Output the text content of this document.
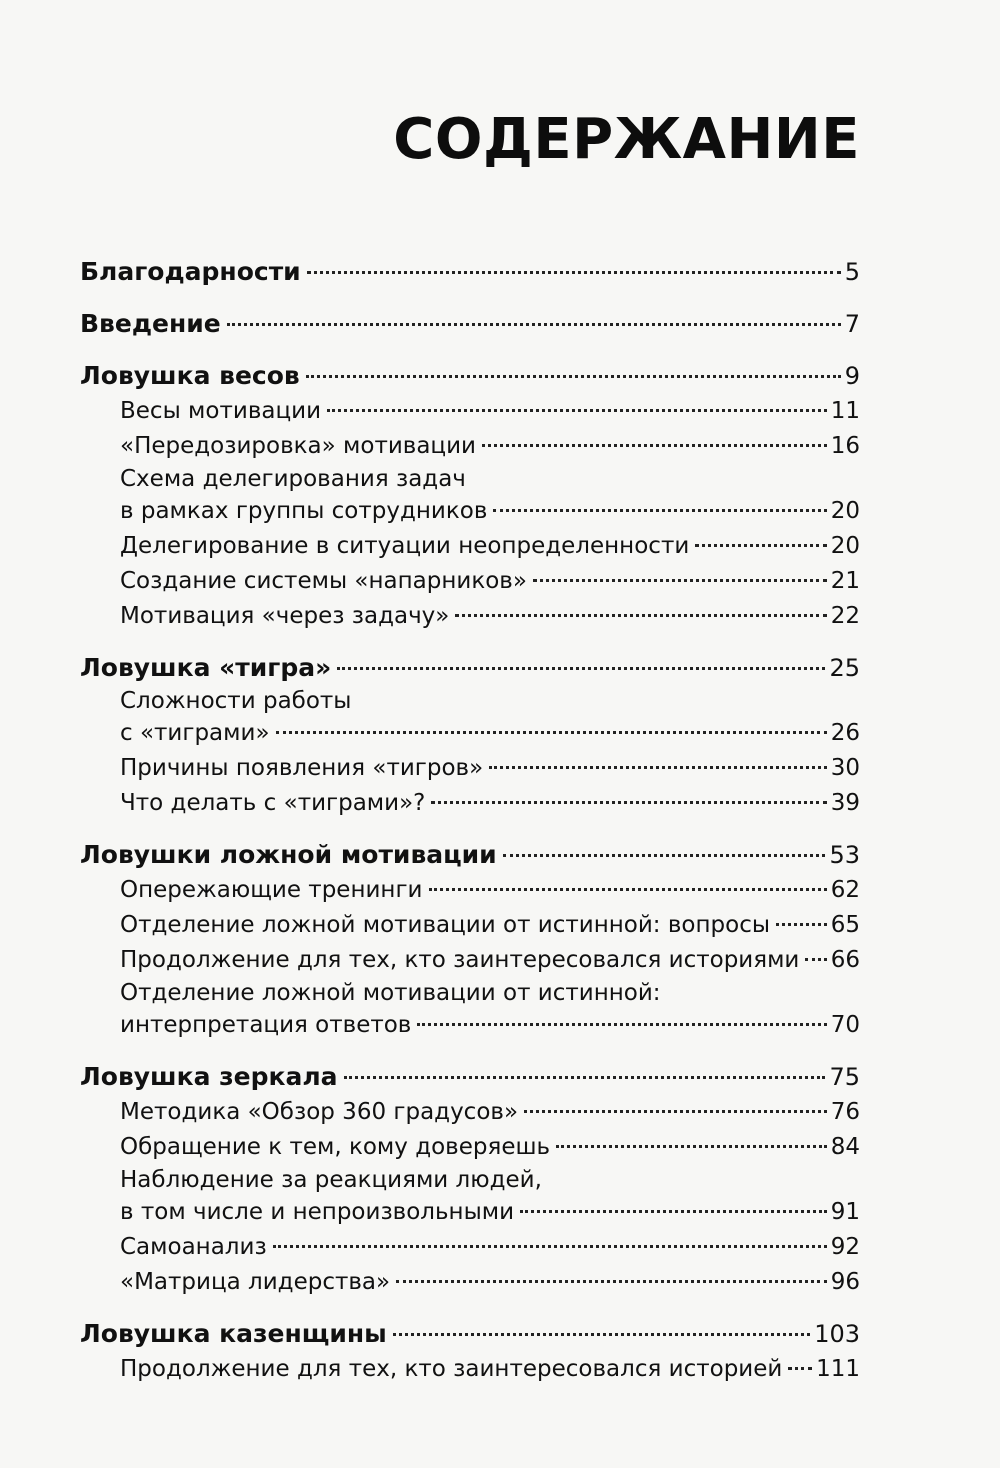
СОДЕРЖАНИЕ
Благодарности	5
Введение	7
Ловушка весов	9
Весы мотивации	11
«Передозировка» мотивации	16
Схема делегирования задач
в рамках группы сотрудников	20
Делегирование в ситуации неопределенности	20
Создание системы «напарников»	21
Мотивация «через задачу»	22
Ловушка «тигра»	25
Сложности работы
с «тиграми»	26
Причины появления «тигров»	30
Что делать с «тиграми»?	39
Ловушки ложной мотивации	53
Опережающие тренинги	62
Отделение ложной мотивации от истинной: вопросы	65
Продолжение для тех, кто заинтересовался историями 66
Отделение ложной мотивации от истинной:
интерпретация ответов	70
Ловушка зеркала	75
Методика «Обзор 360 градусов»	76
Обращение к тем, кому доверяешь	84
Наблюдение за реакциями людей,
в том числе и непроизвольными	91
Самоанализ	92
«Матрица лидерства»	96
Ловушка казенщины	103
Продолжение для тех, кто заинтересовался историей 111
